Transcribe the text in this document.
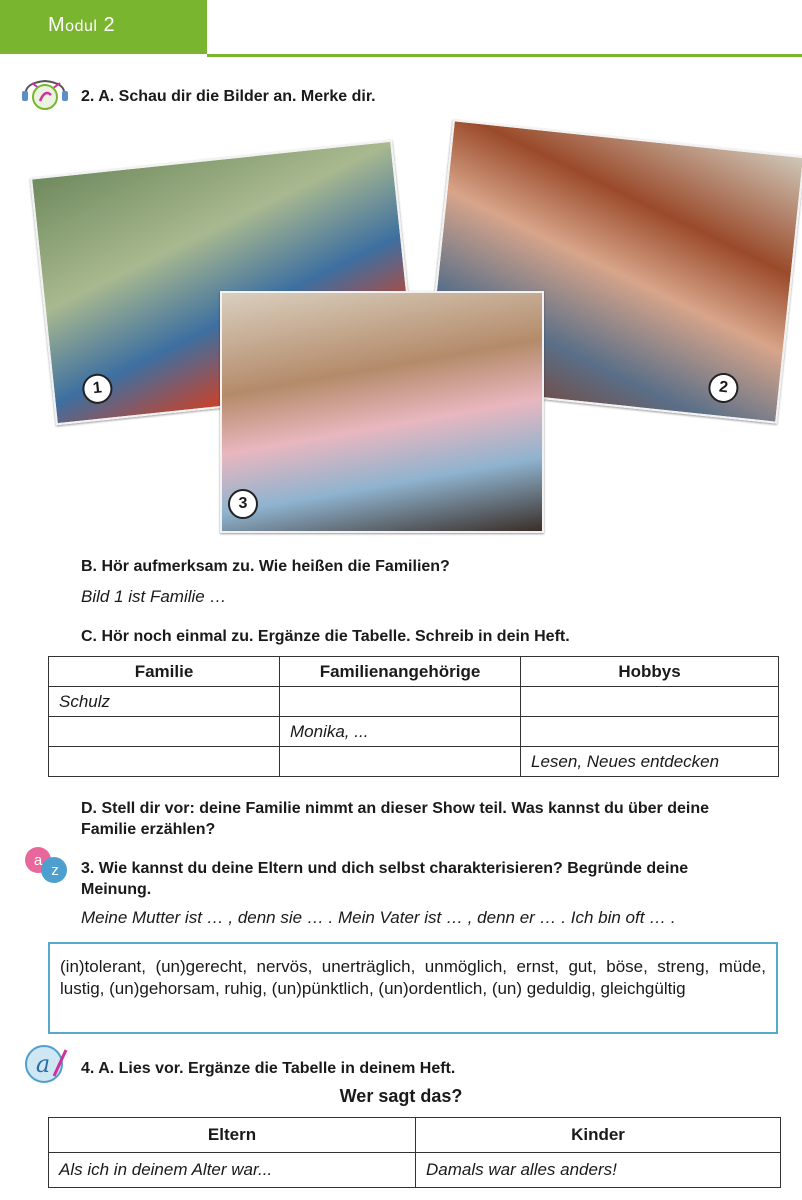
Modul 2
2. A. Schau dir die Bilder an. Merke dir.
1	2
3
B. Hör aufmerksam zu. Wie heißen die Familien?
Bild 1 ist Familie …
C. Hör noch einmal zu. Ergänze die Tabelle. Schreib in dein Heft.
Familie	Familienangehörige	Hobbys
Schulz		
	Monika, ...	
		Lesen, Neues entdecken
D. Stell dir vor: deine Familie nimmt an dieser Show teil. Was kannst du über deine
Familie erzählen?
a
z 3. Wie kannst du deine Eltern und dich selbst charakterisieren? Begründe deine
Meinung.
Meine Mutter ist … , denn sie … . Mein Vater ist … , denn er … . Ich bin oft … .
(in)tolerant, (un)gerecht, nervös, unerträglich, unmöglich, ernst, gut, böse, streng, müde, lustig, (un)gehorsam, ruhig, (un)pünktlich, (un)ordentlich, (un) geduldig, gleichgültig
a 4. A. Lies vor. Ergänze die Tabelle in deinem Heft.
Wer sagt das?
Eltern	Kinder
Als ich in deinem Alter war...	Damals war alles anders!
